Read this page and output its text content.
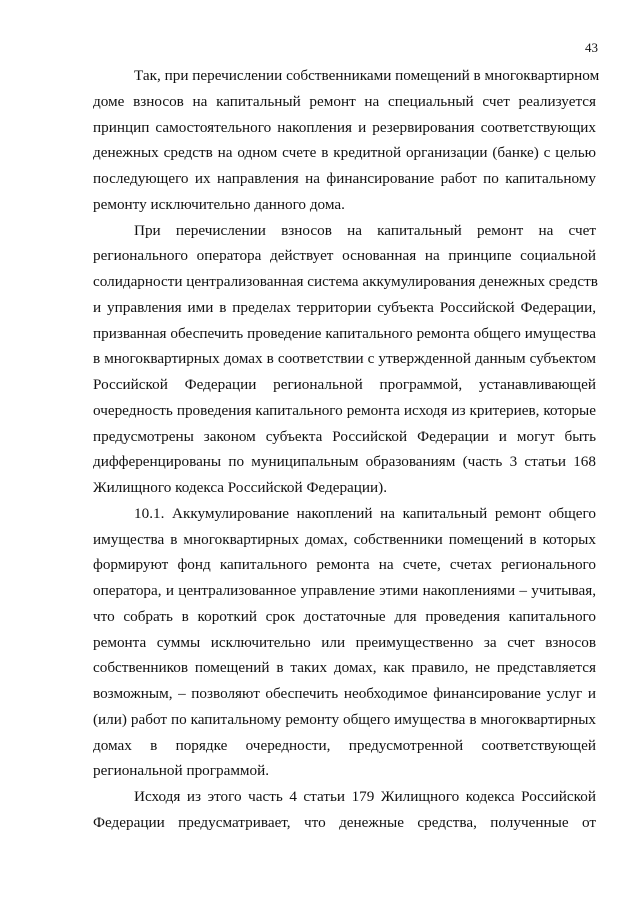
43
Так, при перечислении собственниками помещений в многоквартирном
доме взносов на капитальный ремонт на специальный счет реализуется
принцип самостоятельного накопления и резервирования соответствующих
денежных средств на одном счете в кредитной организации (банке) с целью
последующего их направления на финансирование работ по капитальному
ремонту исключительно данного дома.
При перечислении взносов на капитальный ремонт на счет
регионального оператора действует основанная на принципе социальной
солидарности централизованная система аккумулирования денежных средств
и управления ими в пределах территории субъекта Российской Федерации,
призванная обеспечить проведение капитального ремонта общего имущества
в многоквартирных домах в соответствии с утвержденной данным субъектом
Российской Федерации региональной программой, устанавливающей
очередность проведения капитального ремонта исходя из критериев, которые
предусмотрены законом субъекта Российской Федерации и могут быть
дифференцированы по муниципальным образованиям (часть 3 статьи 168
Жилищного кодекса Российской Федерации).
10.1. Аккумулирование накоплений на капитальный ремонт общего
имущества в многоквартирных домах, собственники помещений в которых
формируют фонд капитального ремонта на счете, счетах регионального
оператора, и централизованное управление этими накоплениями – учитывая,
что собрать в короткий срок достаточные для проведения капитального
ремонта суммы исключительно или преимущественно за счет взносов
собственников помещений в таких домах, как правило, не представляется
возможным, – позволяют обеспечить необходимое финансирование услуг и
(или) работ по капитальному ремонту общего имущества в многоквартирных
домах в порядке очередности, предусмотренной соответствующей
региональной программой.
Исходя из этого часть 4 статьи 179 Жилищного кодекса Российской
Федерации предусматривает, что денежные средства, полученные от
